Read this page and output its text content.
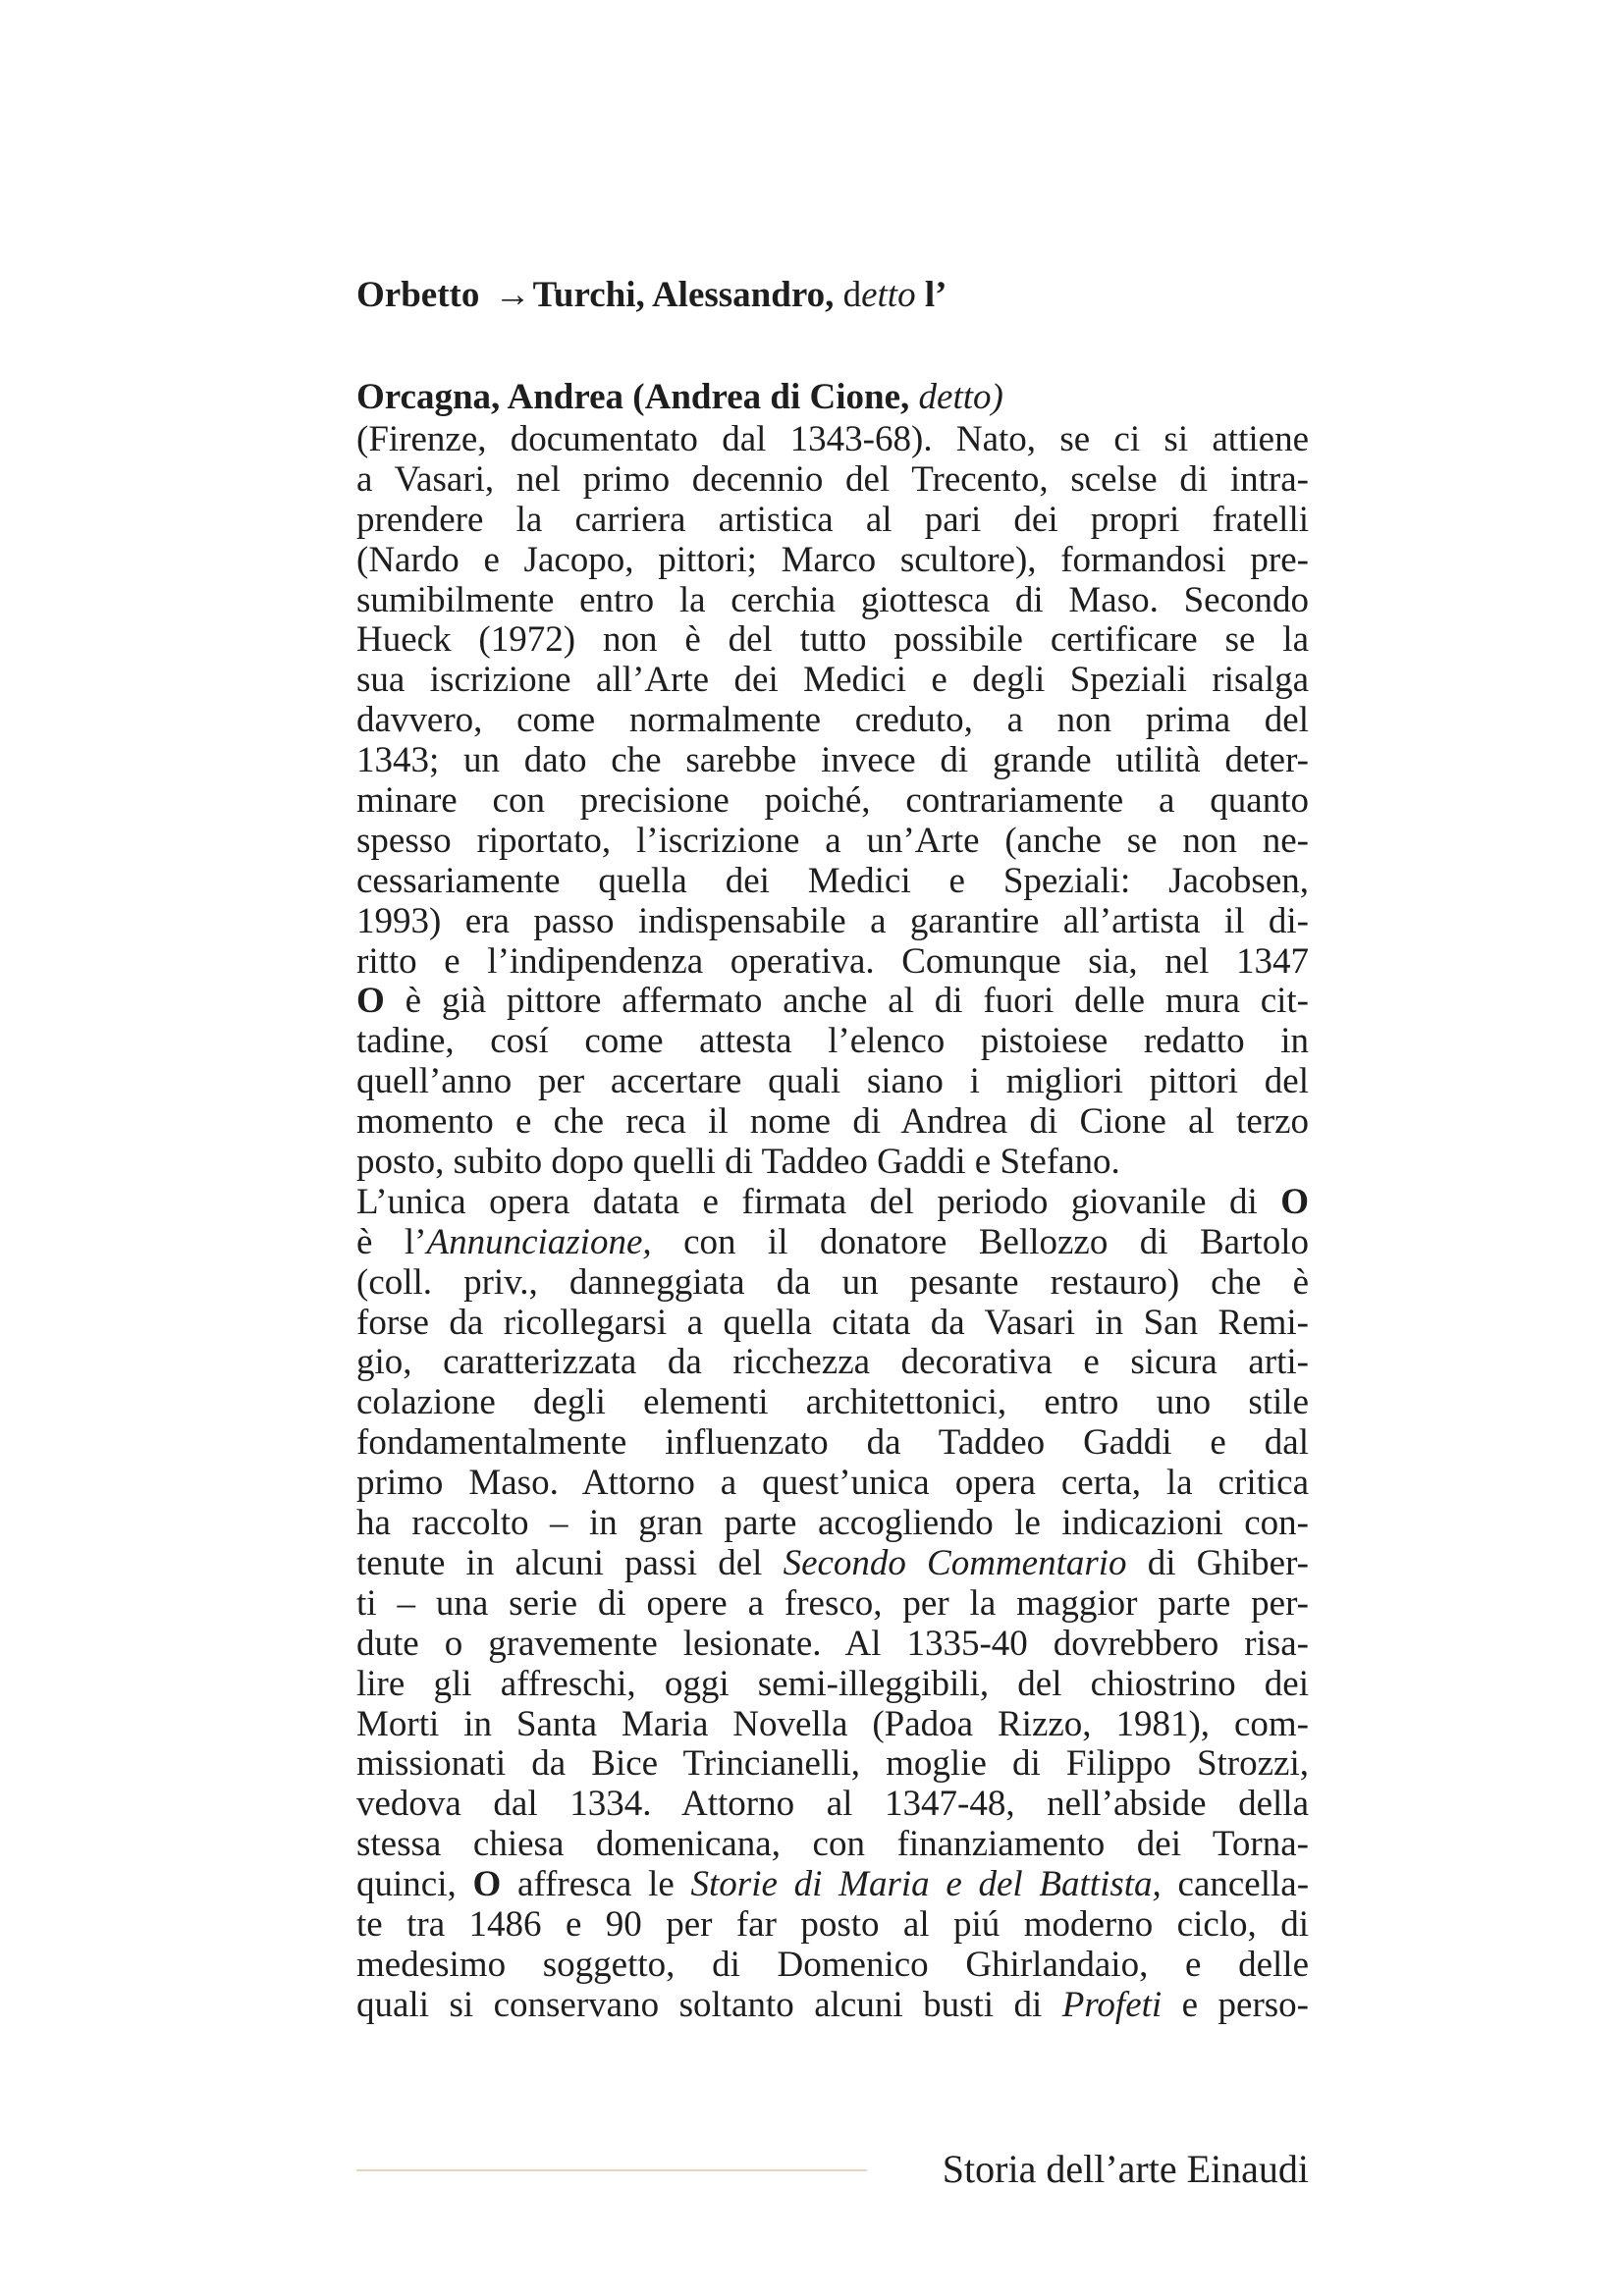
Orbetto →Turchi, Alessandro, detto l’

Orcagna, Andrea (Andrea di Cione, detto)

(Firenze, documentato dal 1343-68). Nato, se ci si attiene

a Vasari, nel primo decennio del Trecento, scelse di intra-

prendere la carriera artistica al pari dei propri fratelli

(Nardo e Jacopo, pittori; Marco scultore), formandosi pre-

sumibilmente entro la cerchia giottesca di Maso. Secondo

Hueck (1972) non è del tutto possibile certificare se la

sua iscrizione all’Arte dei Medici e degli Speziali risalga

davvero, come normalmente creduto, a non prima del

1343; un dato che sarebbe invece di grande utilità deter-

minare con precisione poiché, contrariamente a quanto

spesso riportato, l’iscrizione a un’Arte (anche se non ne-

cessariamente quella dei Medici e Speziali: Jacobsen,

1993) era passo indispensabile a garantire all’artista il di-

ritto e l’indipendenza operativa. Comunque sia, nel 1347

O è già pittore affermato anche al di fuori delle mura cit-

tadine, cosí come attesta l’elenco pistoiese redatto in

quell’anno per accertare quali siano i migliori pittori del

momento e che reca il nome di Andrea di Cione al terzo

posto, subito dopo quelli di Taddeo Gaddi e Stefano.

L’unica opera datata e firmata del periodo giovanile di O

è l’Annunciazione, con il donatore Bellozzo di Bartolo

(coll. priv., danneggiata da un pesante restauro) che è

forse da ricollegarsi a quella citata da Vasari in San Remi-

gio, caratterizzata da ricchezza decorativa e sicura arti-

colazione degli elementi architettonici, entro uno stile

fondamentalmente influenzato da Taddeo Gaddi e dal

primo Maso. Attorno a quest’unica opera certa, la critica

ha raccolto – in gran parte accogliendo le indicazioni con-

tenute in alcuni passi del Secondo Commentario di Ghiber-

ti – una serie di opere a fresco, per la maggior parte per-

dute o gravemente lesionate. Al 1335-40 dovrebbero risa-

lire gli affreschi, oggi semi-illeggibili, del chiostrino dei

Morti in Santa Maria Novella (Padoa Rizzo, 1981), com-

missionati da Bice Trincianelli, moglie di Filippo Strozzi,

vedova dal 1334. Attorno al 1347-48, nell’abside della

stessa chiesa domenicana, con finanziamento dei Torna-

quinci, O affresca le Storie di Maria e del Battista, cancella-

te tra 1486 e 90 per far posto al piú moderno ciclo, di

medesimo soggetto, di Domenico Ghirlandaio, e delle

quali si conservano soltanto alcuni busti di Profeti e perso-

Storia dell’arte Einaudi
